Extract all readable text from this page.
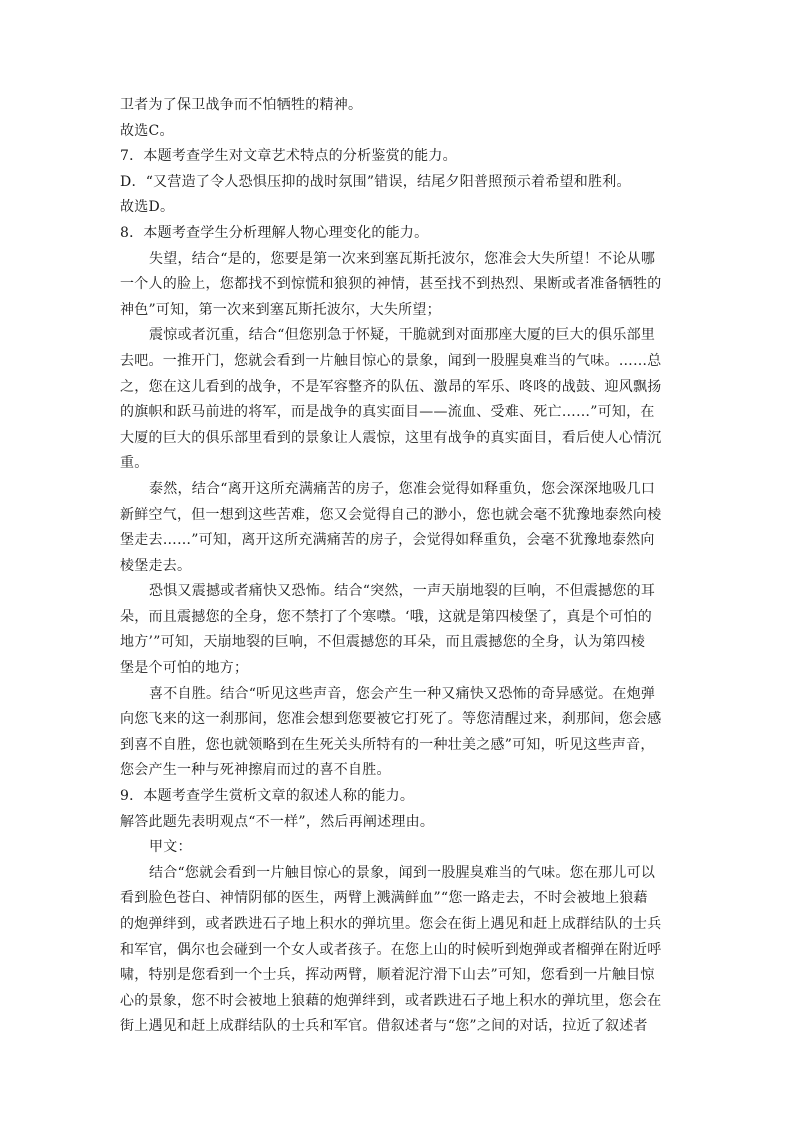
卫者为了保卫战争而不怕牺牲的精神。
故选C。
7．本题考查学生对文章艺术特点的分析鉴赏的能力。
D．“又营造了令人恐惧压抑的战时氛围”错误，结尾夕阳普照预示着希望和胜利。
故选D。
8．本题考查学生分析理解人物心理变化的能力。
失望，结合“是的，您要是第一次来到塞瓦斯托波尔，您准会大失所望！不论从哪
一个人的脸上，您都找不到惊慌和狼狈的神情，甚至找不到热烈、果断或者准备牺牲的
神色”可知，第一次来到塞瓦斯托波尔，大失所望；
震惊或者沉重，结合“但您别急于怀疑，干脆就到对面那座大厦的巨大的俱乐部里
去吧。一推开门，您就会看到一片触目惊心的景象，闻到一股腥臭难当的气味。……总
之，您在这儿看到的战争，不是军容整齐的队伍、激昂的军乐、咚咚的战鼓、迎风飘扬
的旗帜和跃马前进的将军，而是战争的真实面目——流血、受难、死亡……”可知，在
大厦的巨大的俱乐部里看到的景象让人震惊，这里有战争的真实面目，看后使人心情沉
重。
泰然，结合“离开这所充满痛苦的房子，您准会觉得如释重负，您会深深地吸几口
新鲜空气，但一想到这些苦难，您又会觉得自己的渺小，您也就会毫不犹豫地泰然向棱
堡走去……”可知，离开这所充满痛苦的房子，会觉得如释重负，会毫不犹豫地泰然向
棱堡走去。
恐惧又震撼或者痛快又恐怖。结合“突然，一声天崩地裂的巨响，不但震撼您的耳
朵，而且震撼您的全身，您不禁打了个寒噤。‘哦，这就是第四棱堡了，真是个可怕的
地方’”可知，天崩地裂的巨响，不但震撼您的耳朵，而且震撼您的全身，认为第四棱
堡是个可怕的地方；
喜不自胜。结合“听见这些声音，您会产生一种又痛快又恐怖的奇异感觉。在炮弹
向您飞来的这一刹那间，您准会想到您要被它打死了。等您清醒过来，刹那间，您会感
到喜不自胜，您也就领略到在生死关头所特有的一种壮美之感”可知，听见这些声音，
您会产生一种与死神擦肩而过的喜不自胜。
9．本题考查学生赏析文章的叙述人称的能力。
解答此题先表明观点“不一样”，然后再阐述理由。
甲文：
结合“您就会看到一片触目惊心的景象，闻到一股腥臭难当的气味。您在那儿可以
看到脸色苍白、神情阴郁的医生，两臂上溅满鲜血”“您一路走去，不时会被地上狼藉
的炮弹绊到，或者跌进石子地上积水的弹坑里。您会在街上遇见和赶上成群结队的士兵
和军官，偶尔也会碰到一个女人或者孩子。在您上山的时候听到炮弹或者榴弹在附近呼
啸，特别是您看到一个士兵，挥动两臂，顺着泥泞滑下山去”可知，您看到一片触目惊
心的景象，您不时会被地上狼藉的炮弹绊到，或者跌进石子地上积水的弹坑里，您会在
街上遇见和赶上成群结队的士兵和军官。借叙述者与“您”之间的对话，拉近了叙述者
